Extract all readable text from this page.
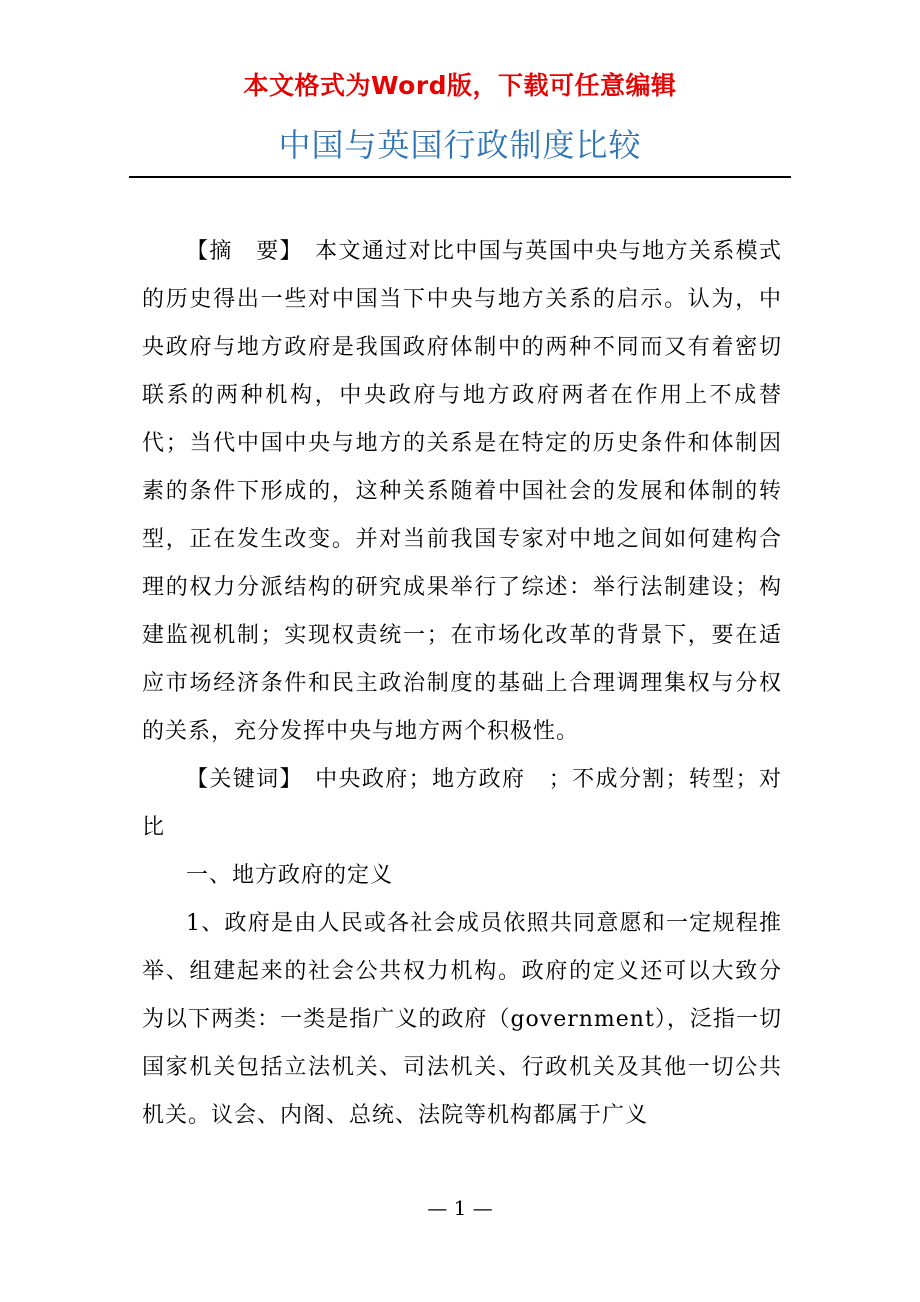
本文格式为Word版，下载可任意编辑
中国与英国行政制度比较

【摘　要】　本文通过对比中国与英国中央与地方关系模式的历史得出一些对中国当下中央与地方关系的启示。认为，中央政府与地方政府是我国政府体制中的两种不同而又有着密切联系的两种机构，中央政府与地方政府两者在作用上不成替代；当代中国中央与地方的关系是在特定的历史条件和体制因素的条件下形成的，这种关系随着中国社会的发展和体制的转型，正在发生改变。并对当前我国专家对中地之间如何建构合理的权力分派结构的研究成果举行了综述：举行法制建设；构建监视机制；实现权责统一；在市场化改革的背景下，要在适应市场经济条件和民主政治制度的基础上合理调理集权与分权的关系，充分发挥中央与地方两个积极性。

【关键词】　中央政府；地方政府　；不成分割；转型；对比

一、地方政府的定义

1、政府是由人民或各社会成员依照共同意愿和一定规程推举、组建起来的社会公共权力机构。政府的定义还可以大致分为以下两类：一类是指广义的政府（government），泛指一切国家机关包括立法机关、司法机关、行政机关及其他一切公共机关。议会、内阁、总统、法院等机构都属于广义

— 1 —
